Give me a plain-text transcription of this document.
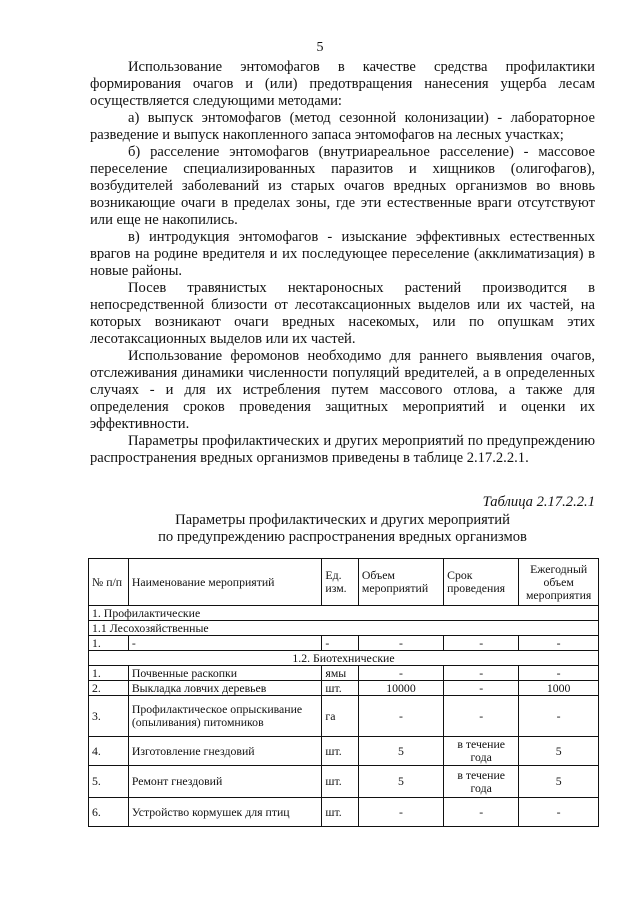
5

Использование энтомофагов в качестве средства профилактики формирования очагов и (или) предотвращения нанесения ущерба лесам осуществляется следующими методами:

а) выпуск энтомофагов (метод сезонной колонизации) - лабораторное разведение и выпуск накопленного запаса энтомофагов на лесных участках;

б) расселение энтомофагов (внутриареальное расселение) - массовое переселение специализированных паразитов и хищников (олигофагов), возбудителей заболеваний из старых очагов вредных организмов во вновь возникающие очаги в пределах зоны, где эти естественные враги отсутствуют или еще не накопились.

в) интродукция энтомофагов - изыскание эффективных естественных врагов на родине вредителя и их последующее переселение (акклиматизация) в новые районы.

Посев травянистых нектароносных растений производится в непосредственной близости от лесотаксационных выделов или их частей, на которых возникают очаги вредных насекомых, или по опушкам этих лесотаксационных выделов или их частей.

Использование феромонов необходимо для раннего выявления очагов, отслеживания динамики численности популяций вредителей, а в определенных случаях - и для их истребления путем массового отлова, а также для определения сроков проведения защитных мероприятий и оценки их эффективности.

Параметры профилактических и других мероприятий по предупреждению распространения вредных организмов приведены в таблице 2.17.2.2.1.

Таблица 2.17.2.2.1
Параметры профилактических и других мероприятий
по предупреждению распространения вредных организмов
№ п/п	Наименование мероприятий	Ед. изм.	Объем мероприятий	Срок проведения	Ежегодный объем мероприятия
1. Профилактические					
1.1 Лесохозяйственные					
1.	-	-	-	-	-
1.2. Биотехнические					
1.	Почвенные раскопки	ямы	-	-	-
2.	Выкладка ловчих деревьев	шт.	10000	-	1000
3.	Профилактическое опрыскивание (опыливания) питомников	га	-	-	-
4.	Изготовление гнездовий	шт.	5	в течение года	5
5.	Ремонт гнездовий	шт.	5	в течение года	5
6.	Устройство кормушек для птиц	шт.	-	-	-
